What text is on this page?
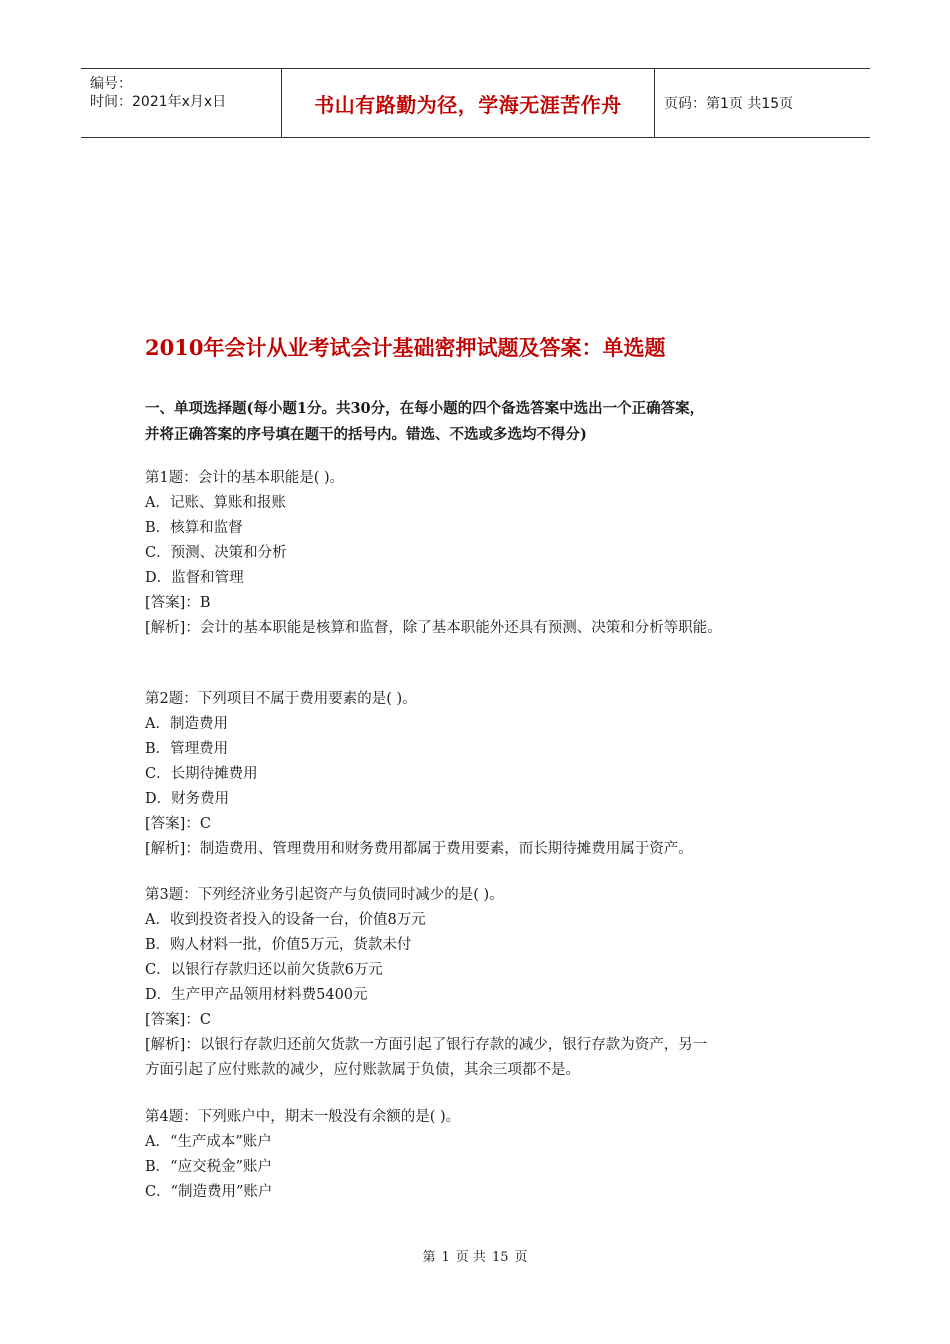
编号：
时间：2021年x月x日	书山有路勤为径，学海无涯苦作舟	页码：第1页 共15页
2010年会计从业考试会计基础密押试题及答案：单选题
一、单项选择题(每小题1分。共30分，在每小题的四个备选答案中选出一个正确答案，
并将正确答案的序号填在题干的括号内。错选、不选或多选均不得分)
第1题：会计的基本职能是( )。
A．记账、算账和报账
B．核算和监督
C．预测、决策和分析
D．监督和管理
[答案]：B
[解析]：会计的基本职能是核算和监督，除了基本职能外还具有预测、决策和分析等职能。
第2题：下列项目不属于费用要素的是( )。
A．制造费用
B．管理费用
C．长期待摊费用
D．财务费用
[答案]：C
[解析]：制造费用、管理费用和财务费用都属于费用要素，而长期待摊费用属于资产。
第3题：下列经济业务引起资产与负债同时减少的是( )。
A．收到投资者投入的设备一台，价值8万元
B．购人材料一批，价值5万元，货款未付
C．以银行存款归还以前欠货款6万元
D．生产甲产品领用材料费5400元
[答案]：C
[解析]：以银行存款归还前欠货款一方面引起了银行存款的减少，银行存款为资产，另一
方面引起了应付账款的减少，应付账款属于负债，其余三项都不是。
第4题：下列账户中，期末一般没有余额的是( )。
A．“生产成本”账户
B．“应交税金”账户
C．“制造费用”账户
第 1 页 共 15 页
